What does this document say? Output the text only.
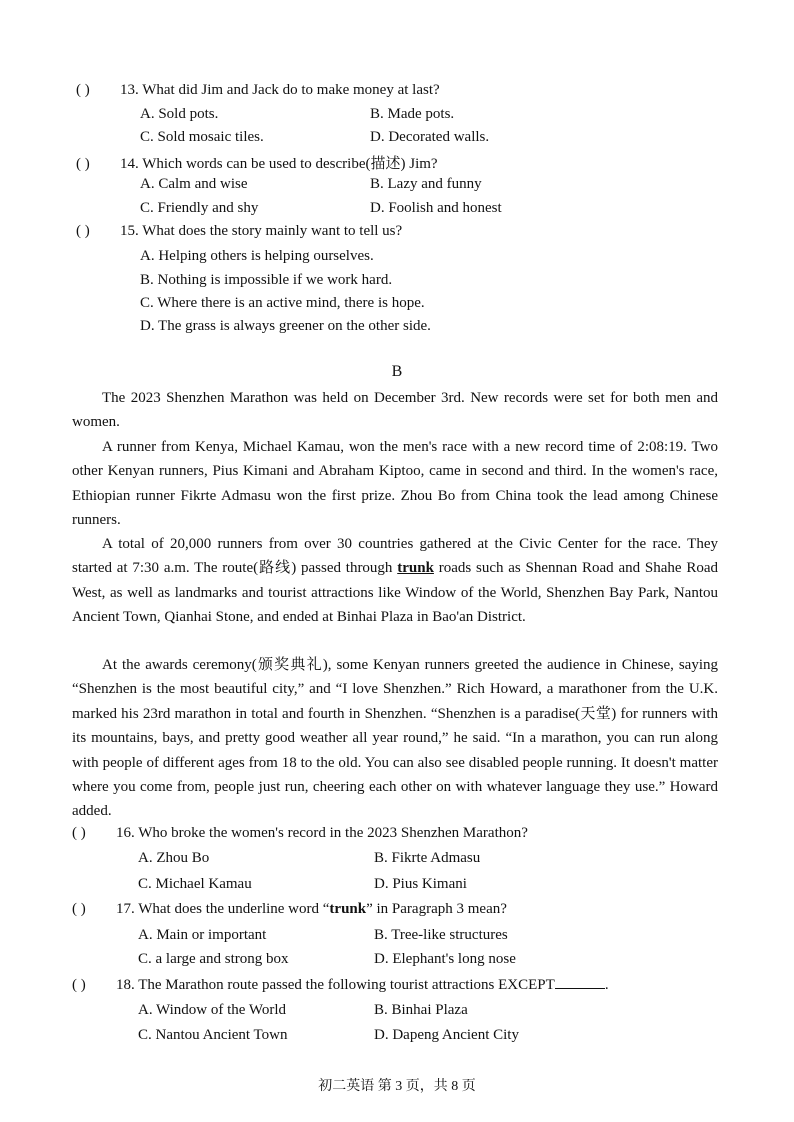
( ) 13. What did Jim and Jack do to make money at last?
A. Sold pots.	B. Made pots.
C. Sold mosaic tiles.	D. Decorated walls.
( ) 14. Which words can be used to describe(描述) Jim?
A. Calm and wise	B. Lazy and funny
C. Friendly and shy	D. Foolish and honest
( ) 15. What does the story mainly want to tell us?
A. Helping others is helping ourselves.
B. Nothing is impossible if we work hard.
C. Where there is an active mind, there is hope.
D. The grass is always greener on the other side.
B
The 2023 Shenzhen Marathon was held on December 3rd. New records were set for both men and women.
A runner from Kenya, Michael Kamau, won the men's race with a new record time of 2:08:19. Two other Kenyan runners, Pius Kimani and Abraham Kiptoo, came in second and third. In the women's race, Ethiopian runner Fikrte Admasu won the first prize. Zhou Bo from China took the lead among Chinese runners.
A total of 20,000 runners from over 30 countries gathered at the Civic Center for the race. They started at 7:30 a.m. The route(路线) passed through trunk roads such as Shennan Road and Shahe Road West, as well as landmarks and tourist attractions like Window of the World, Shenzhen Bay Park, Nantou Ancient Town, Qianhai Stone, and ended at Binhai Plaza in Bao'an District.
At the awards ceremony(颁奖典礼), some Kenyan runners greeted the audience in Chinese, saying “Shenzhen is the most beautiful city,” and “I love Shenzhen.” Rich Howard, a marathoner from the U.K. marked his 23rd marathon in total and fourth in Shenzhen. “Shenzhen is a paradise(天堂) for runners with its mountains, bays, and pretty good weather all year round,” he said. “In a marathon, you can run along with people of different ages from 18 to the old. You can also see disabled people running. It doesn't matter where you come from, people just run, cheering each other on with whatever language they use.” Howard added.
( ) 16. Who broke the women's record in the 2023 Shenzhen Marathon?
A. Zhou Bo	B. Fikrte Admasu
C. Michael Kamau	D. Pius Kimani
( ) 17. What does the underline word “trunk” in Paragraph 3 mean?
A. Main or important	B. Tree-like structures
C. a large and strong box	D. Elephant's long nose
( ) 18. The Marathon route passed the following tourist attractions EXCEPT	.
A. Window of the World	B. Binhai Plaza
C. Nantou Ancient Town	D. Dapeng Ancient City
初二英语 第 3 页，共 8 页
